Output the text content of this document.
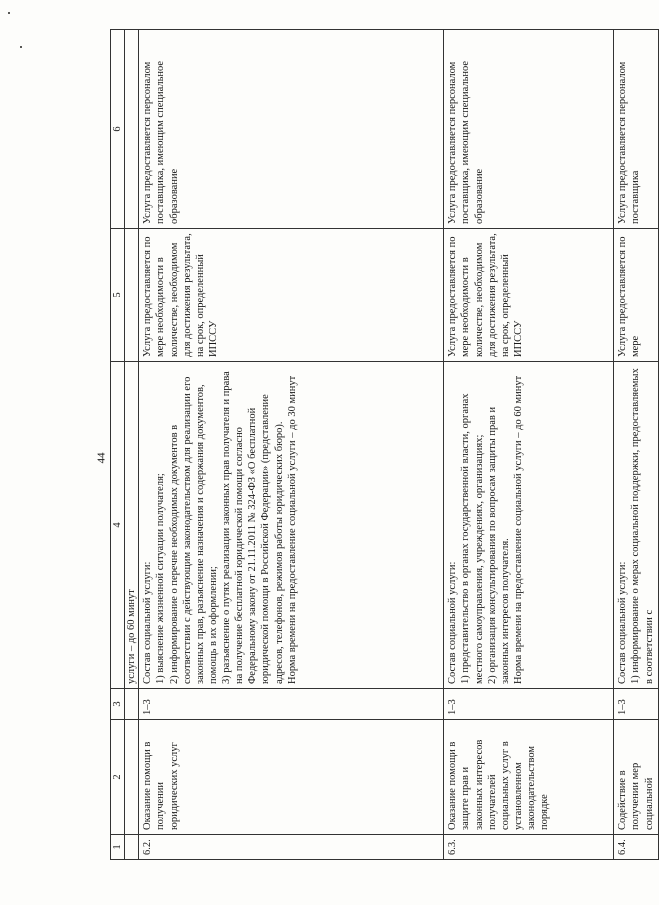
44
1	2	3	4	5	6
			услуги – до 60 минут		
6.2.	Оказание помощи в получении юридических услуг	1–3	Состав социальной услуги: 1) выяснение жизненной ситуации получателя; 2) информирование о перечне необходимых документов в соответствии с действующим законодательством для реализации его законных прав, разъяснение назначения и содержания документов, помощь в их оформлении; 3) разъяснение о путях реализации законных прав получателя и права на получение бесплатной юридической помощи согласно Федеральному закону от 21.11.2011 № 324-ФЗ «О бесплатной юридической помощи в Российской Федерации» (представление адресов, телефонов, режимов работы юридических бюро). Норма времени на предоставление социальной услуги – до 30 минут	Услуга предоставляется по мере необходимости в количестве, необходимом для достижения результата, на срок, определенный ИПССУ	Услуга предоставляется персоналом поставщика, имеющим специальное образование
6.3.	Оказание помощи в защите прав и законных интересов получателей социальных услуг в установленном законодательством порядке	1–3	Состав социальной услуги: 1) представительство в органах государственной власти, органах местного самоуправления, учреждениях, организациях; 2) организация консультирования по вопросам защиты прав и законных интересов получателя. Норма времени на предоставление социальной услуги – до 60 минут	Услуга предоставляется по мере необходимости в количестве, необходимом для достижения результата, на срок, определенный ИПССУ	Услуга предоставляется персоналом поставщика, имеющим специальное образование
6.4.	Содействие в получении мер социальной	1–3	Состав социальной услуги: 1) информирование о мерах социальной поддержки, предоставляемых в соответствии с	Услуга предоставляется по мере	Услуга предоставляется персоналом поставщика
